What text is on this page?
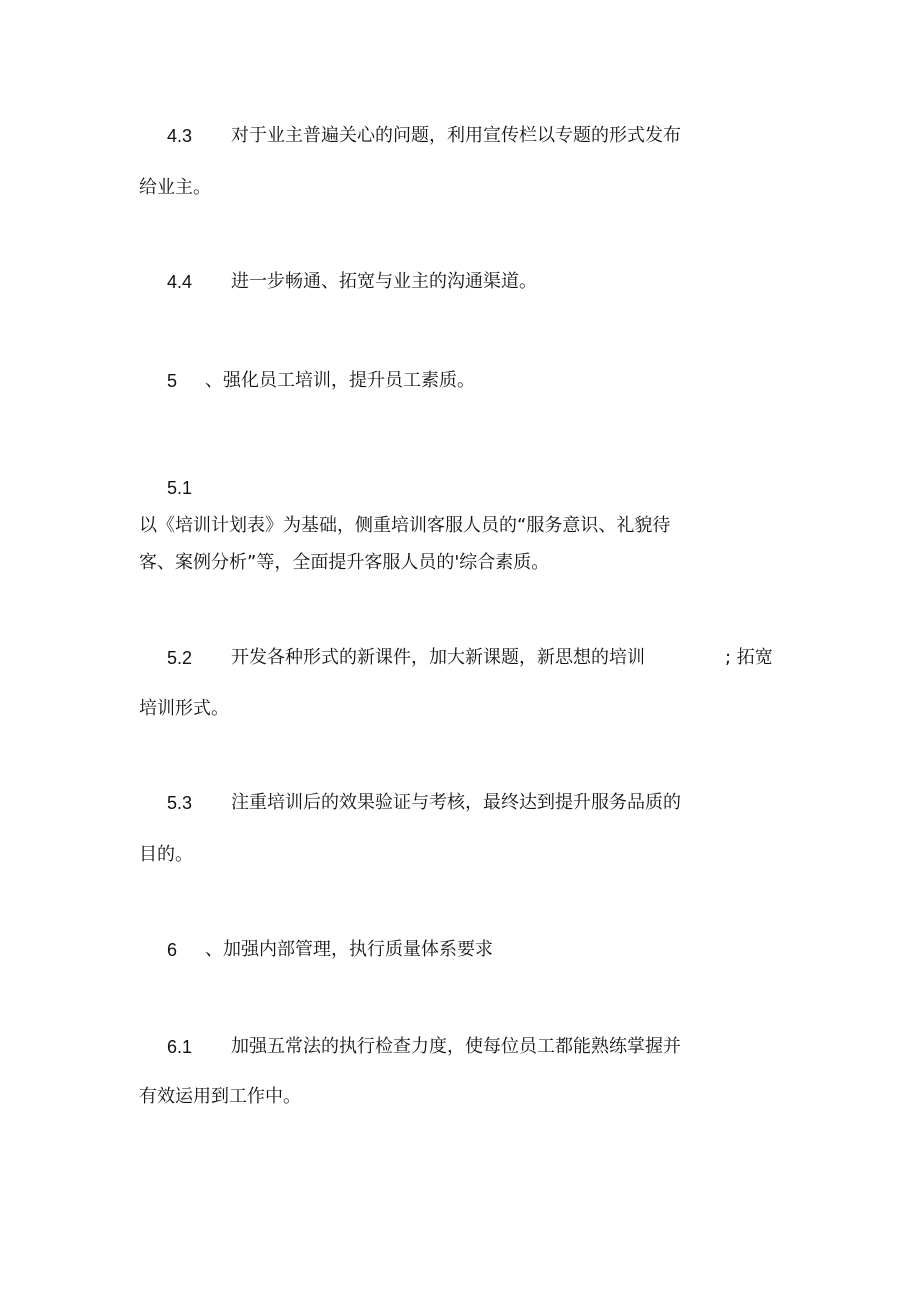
4.3 对于业主普遍关心的问题，利用宣传栏以专题的形式发布
给业主。
4.4 进一步畅通、拓宽与业主的沟通渠道。
5 、强化员工培训，提升员工素质。
5.1
以《培训计划表》为基础，侧重培训客服人员的“服务意识、礼貌待
客、案例分析”等，全面提升客服人员的'综合素质。
5.2 开发各种形式的新课件，加大新课题，新思想的培训	; 拓宽
培训形式。
5.3 注重培训后的效果验证与考核，最终达到提升服务品质的
目的。
6 、加强内部管理，执行质量体系要求
6.1 加强五常法的执行检查力度，使每位员工都能熟练掌握并
有效运用到工作中。
